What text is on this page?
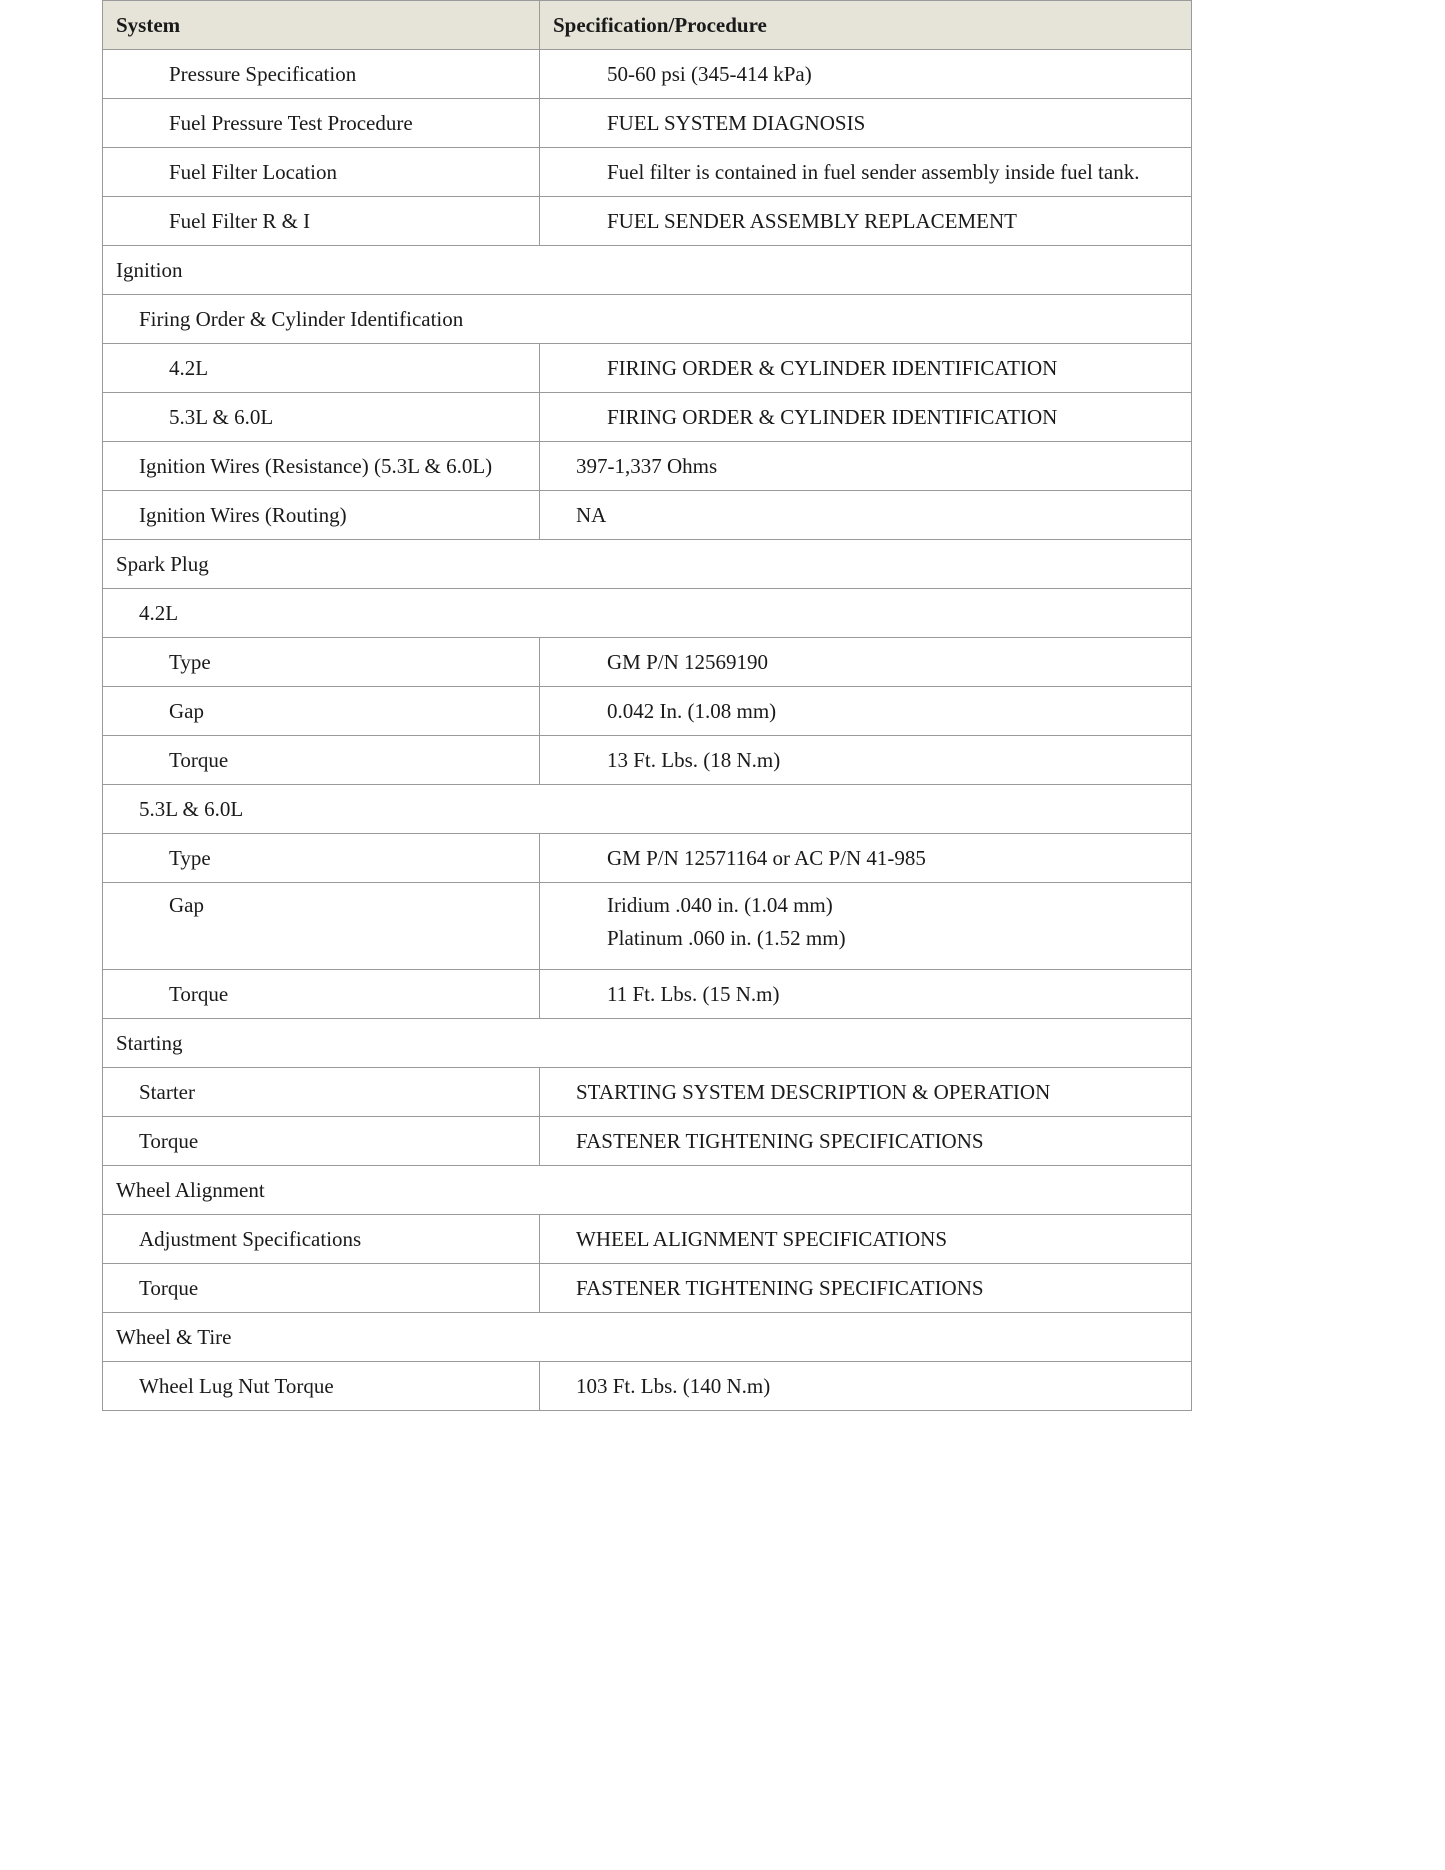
System	Specification/Procedure
Pressure Specification	50-60 psi (345-414 kPa)
Fuel Pressure Test Procedure	FUEL SYSTEM DIAGNOSIS
Fuel Filter Location	Fuel filter is contained in fuel sender assembly inside fuel tank.
Fuel Filter R & I	FUEL SENDER ASSEMBLY REPLACEMENT
Ignition	
Firing Order & Cylinder Identification	
4.2L	FIRING ORDER & CYLINDER IDENTIFICATION
5.3L & 6.0L	FIRING ORDER & CYLINDER IDENTIFICATION
Ignition Wires (Resistance) (5.3L & 6.0L)	397-1,337 Ohms
Ignition Wires (Routing)	NA
Spark Plug	
4.2L	
Type	GM P/N 12569190
Gap	0.042 In. (1.08 mm)
Torque	13 Ft. Lbs. (18 N.m)
5.3L & 6.0L	
Type	GM P/N 12571164 or AC P/N 41-985
Gap	Iridium .040 in. (1.04 mm)
Platinum .060 in. (1.52 mm)

Torque	11 Ft. Lbs. (15 N.m)
Starting	
Starter	STARTING SYSTEM DESCRIPTION & OPERATION
Torque	FASTENER TIGHTENING SPECIFICATIONS
Wheel Alignment	
Adjustment Specifications	WHEEL ALIGNMENT SPECIFICATIONS
Torque	FASTENER TIGHTENING SPECIFICATIONS
Wheel & Tire	
Wheel Lug Nut Torque	103 Ft. Lbs. (140 N.m)
